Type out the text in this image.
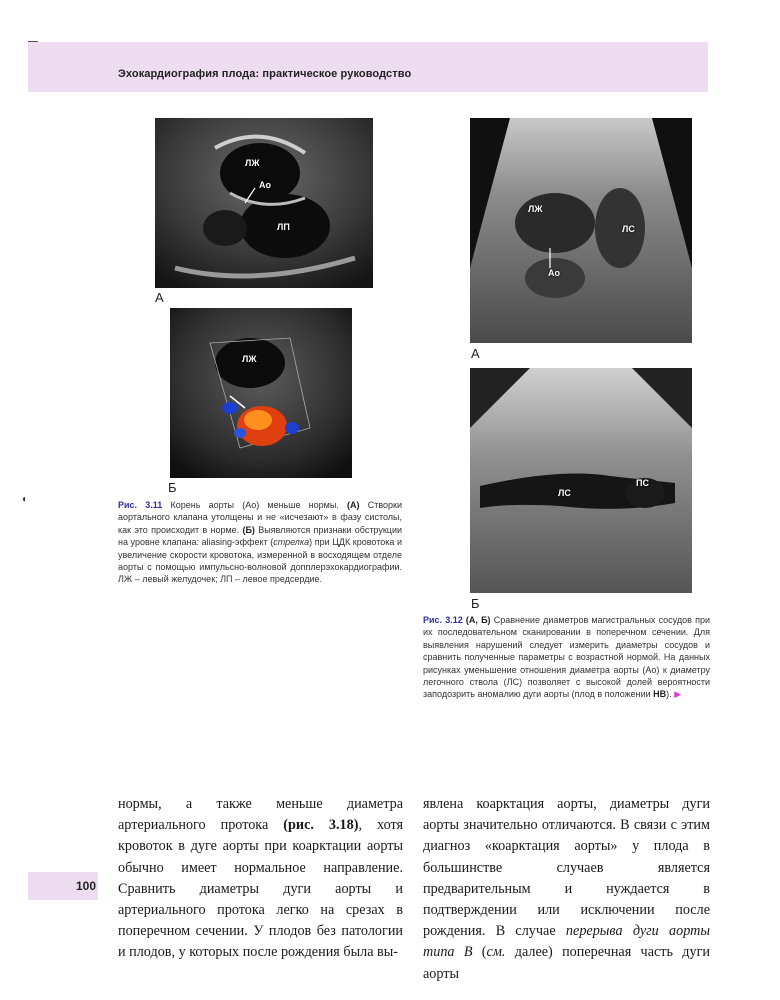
Эхокардиография плода: практическое руководство
ЛЖ
Ао
ЛП
А
ЛЖ
Б
◐	Рис. 3.11 Корень аорты (Ао) меньше нормы. (А) Створки аортального клапана утолщены и не «исчезают» в фазу систолы, как это происходит в норме. (Б) Выявляются признаки обструкции на уровне клапана: aliasing-эффект (стрелка) при ЦДК кровотока и увеличение скорости кровотока, измеренной в восходящем отделе аорты с помощью импульсно-волновой допплерэхокардиографии. ЛЖ – левый желудочек; ЛП – левое предсердие.
ЛЖ
ЛС
Ао
А
ЛС
ПС
Б
Рис. 3.12 (А, Б) Сравнение диаметров магистральных сосудов при их последовательном сканировании в поперечном сечении. Для выявления нарушений следует измерить диаметры сосудов и сравнить полученные параметры с возрастной нормой. На данных рисунках уменьшение отношения диаметра аорты (Ао) к диаметру легочного ствола (ЛС) позволяет с высокой долей вероятности заподозрить аномалию дуги аорты (плод в положении НВ). ▶
нормы, а также меньше диаметра артериального протока (рис. 3.18), хотя кровоток в дуге аорты при коарктации аорты обычно имеет нормальное направление. Сравнить диаметры дуги аорты и артериального протока легко на срезах в поперечном сечении. У плодов без патологии и плодов, у которых после рождения была вы-
явлена коарктация аорты, диаметры дуги аорты значительно отличаются. В связи с этим диагноз «коарктация аорты» у плода в большинстве случаев является предварительным и нуждается в подтверждении или исключении после рождения. В случае перерыва дуги аорты типа В (см. далее) поперечная часть дуги аорты
100
